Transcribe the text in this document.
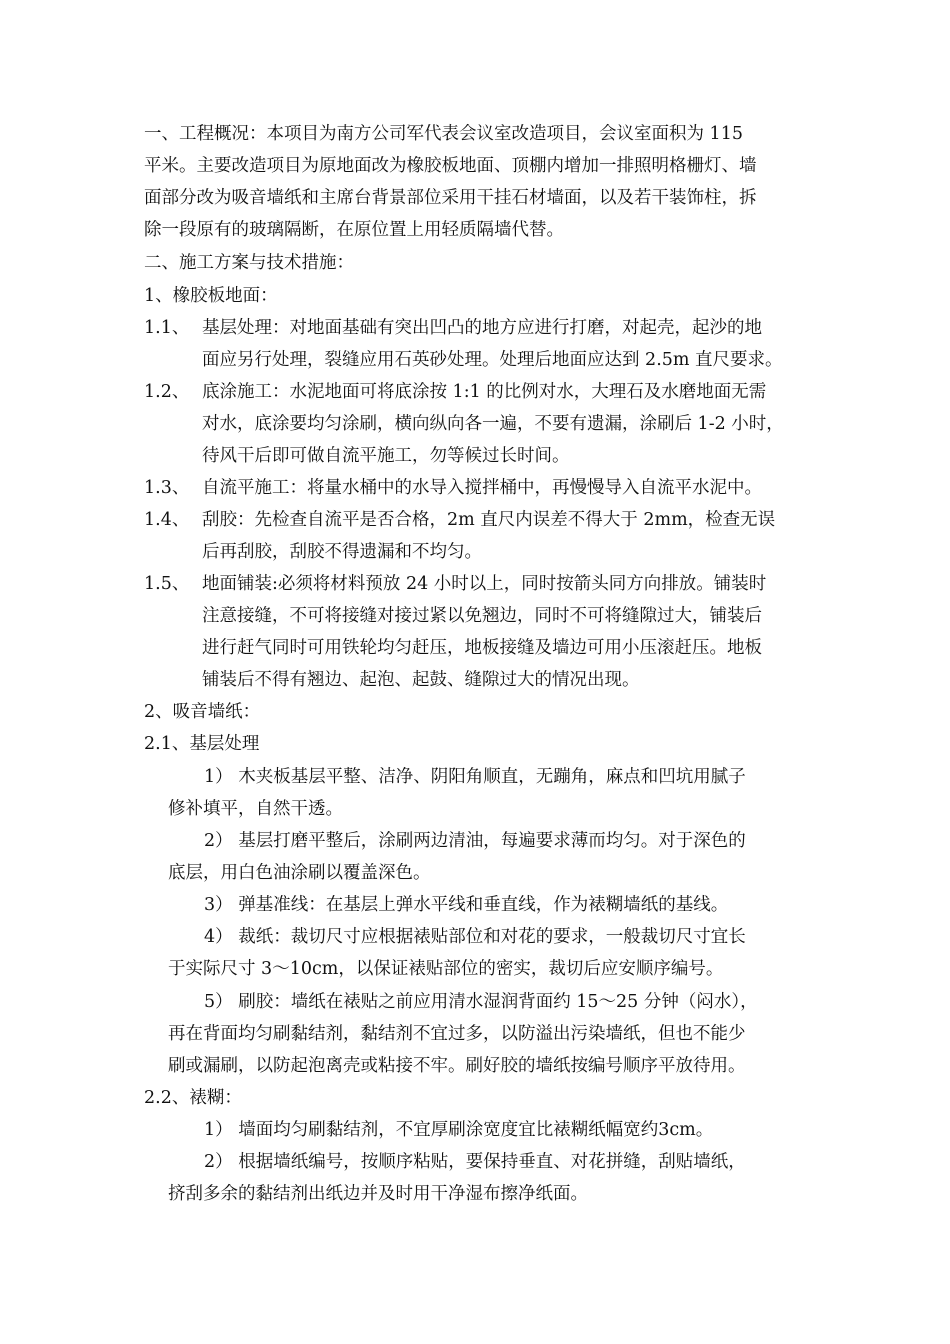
一、工程概况：本项目为南方公司军代表会议室改造项目，会议室面积为 115

平米。主要改造项目为原地面改为橡胶板地面、顶棚内增加一排照明格栅灯、墙

面部分改为吸音墙纸和主席台背景部位采用干挂石材墙面，以及若干装饰柱，拆

除一段原有的玻璃隔断，在原位置上用轻质隔墙代替。

二、施工方案与技术措施：

1、橡胶板地面：

1.1、 基层处理：对地面基础有突出凹凸的地方应进行打磨，对起壳，起沙的地

面应另行处理，裂缝应用石英砂处理。处理后地面应达到 2.5m 直尺要求。

1.2、 底涂施工：水泥地面可将底涂按 1:1 的比例对水，大理石及水磨地面无需

对水，底涂要均匀涂刷，横向纵向各一遍，不要有遗漏，涂刷后 1-2 小时，

待风干后即可做自流平施工，勿等候过长时间。

1.3、 自流平施工：将量水桶中的水导入搅拌桶中，再慢慢导入自流平水泥中。

1.4、 刮胶：先检查自流平是否合格，2m 直尺内误差不得大于 2mm，检查无误

后再刮胶，刮胶不得遗漏和不均匀。

1.5、 地面铺装:必须将材料预放 24 小时以上，同时按箭头同方向排放。铺装时

注意接缝，不可将接缝对接过紧以免翘边，同时不可将缝隙过大，铺装后

进行赶气同时可用铁轮均匀赶压，地板接缝及墙边可用小压滚赶压。地板

铺装后不得有翘边、起泡、起鼓、缝隙过大的情况出现。

2、吸音墙纸：

2.1、基层处理

1） 木夹板基层平整、洁净、阴阳角顺直，无蹦角，麻点和凹坑用腻子

修补填平，自然干透。

2） 基层打磨平整后，涂刷两边清油，每遍要求薄而均匀。对于深色的

底层，用白色油涂刷以覆盖深色。

3） 弹基准线：在基层上弹水平线和垂直线，作为裱糊墙纸的基线。

4） 裁纸：裁切尺寸应根据裱贴部位和对花的要求，一般裁切尺寸宜长

于实际尺寸 3～10cm，以保证裱贴部位的密实，裁切后应安顺序编号。

5） 刷胶：墙纸在裱贴之前应用清水湿润背面约 15～25 分钟（闷水），

再在背面均匀刷黏结剂，黏结剂不宜过多，以防溢出污染墙纸，但也不能少

刷或漏刷，以防起泡离壳或粘接不牢。刷好胶的墙纸按编号顺序平放待用。

2.2、裱糊：

1） 墙面均匀刷黏结剂，不宜厚刷涂宽度宜比裱糊纸幅宽约3cm。

2） 根据墙纸编号，按顺序粘贴，要保持垂直、对花拼缝，刮贴墙纸，

挤刮多余的黏结剂出纸边并及时用干净湿布擦净纸面。
